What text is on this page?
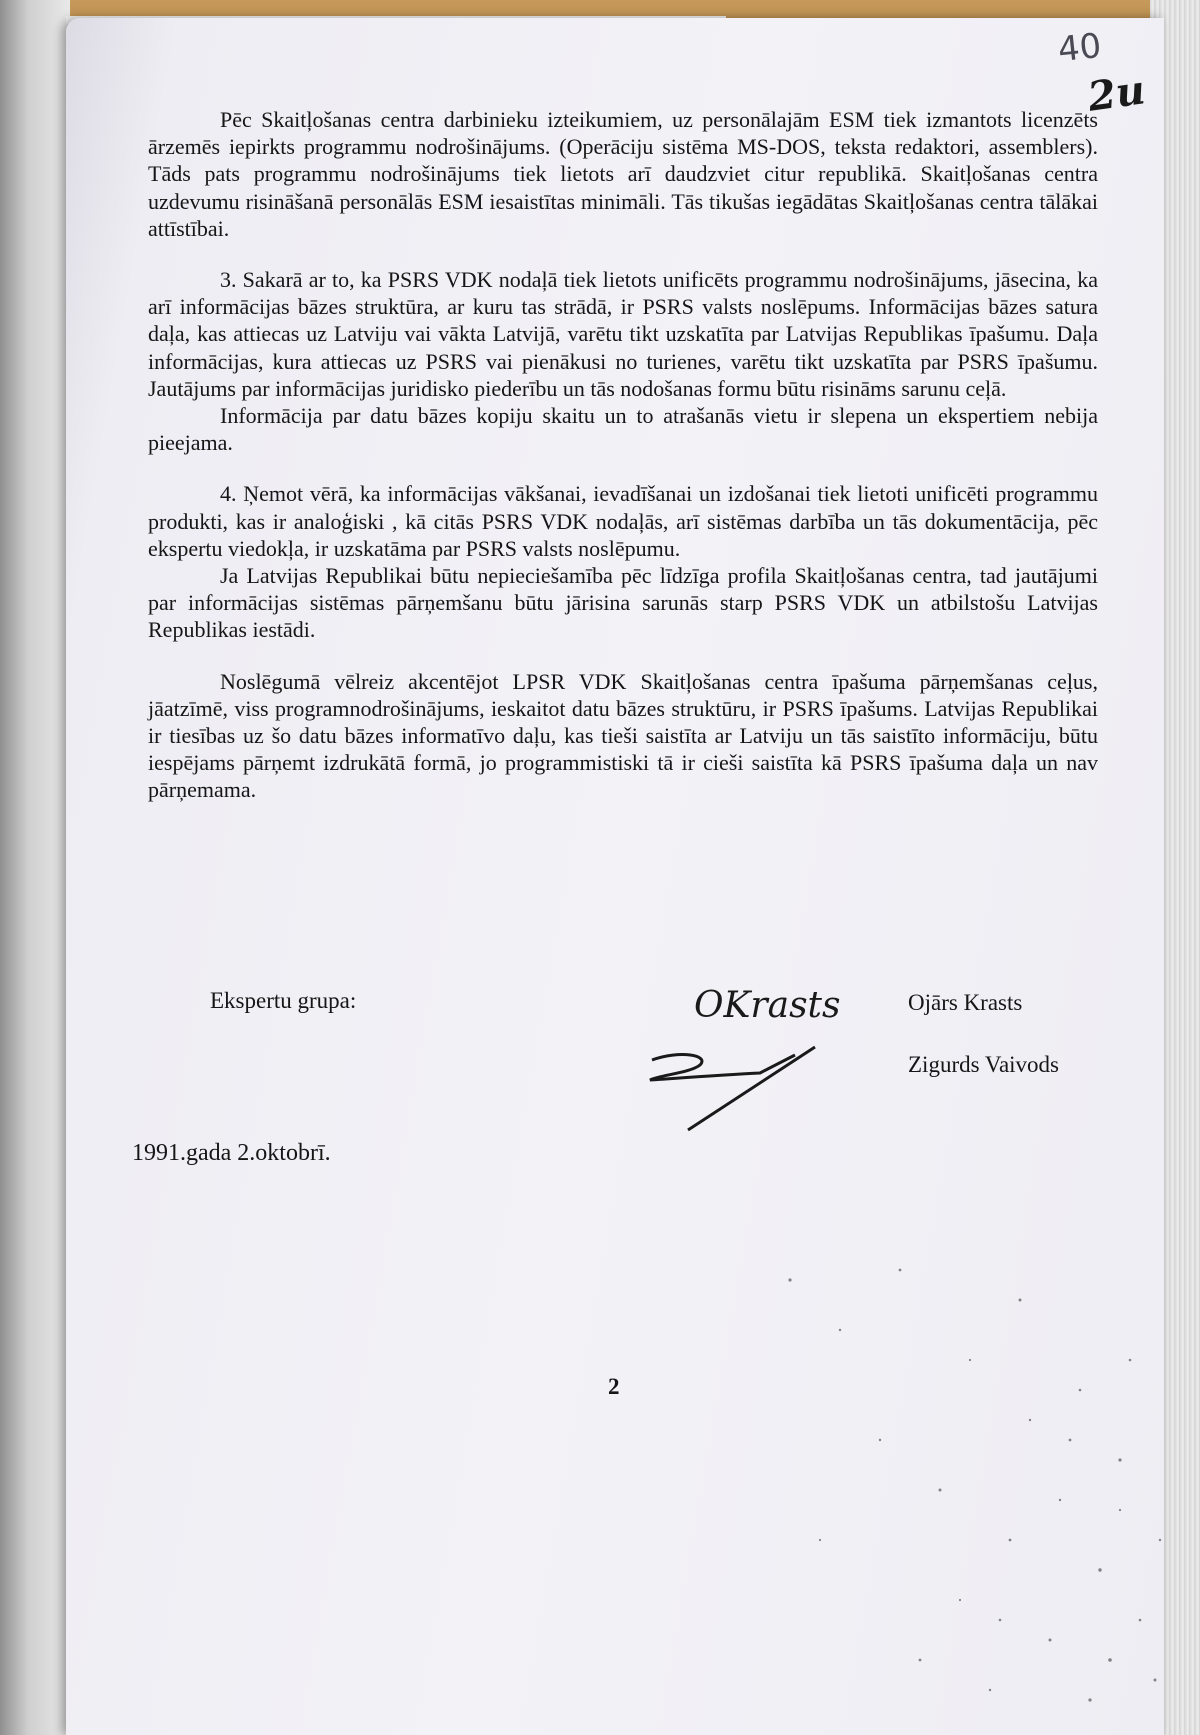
40
2u

Pēc Skaitļošanas centra darbinieku izteikumiem, uz personālajām ESM tiek izmantots licenzēts ārzemēs iepirkts programmu nodrošinājums. (Operāciju sistēma MS-DOS, teksta redaktori, assemblers). Tāds pats programmu nodrošinājums tiek lietots arī daudzviet citur republikā. Skaitļošanas centra uzdevumu risināšanā personālās ESM iesaistītas minimāli. Tās tikušas iegādātas Skaitļošanas centra tālākai attīstībai.

3. Sakarā ar to, ka PSRS VDK nodaļā tiek lietots unificēts programmu nodrošinājums, jāsecina, ka arī informācijas bāzes struktūra, ar kuru tas strādā, ir PSRS valsts noslēpums. Informācijas bāzes satura daļa, kas attiecas uz Latviju vai vākta Latvijā, varētu tikt uzskatīta par Latvijas Republikas īpašumu. Daļa informācijas, kura attiecas uz PSRS vai pienākusi no turienes, varētu tikt uzskatīta par PSRS īpašumu. Jautājums par informācijas juridisko piederību un tās nodošanas formu būtu risināms sarunu ceļā.

Informācija par datu bāzes kopiju skaitu un to atrašanās vietu ir slepena un ekspertiem nebija pieejama.

4. Ņemot vērā, ka informācijas vākšanai, ievadīšanai un izdošanai tiek lietoti unificēti programmu produkti, kas ir analoģiski , kā citās PSRS VDK nodaļās, arī sistēmas darbība un tās dokumentācija, pēc ekspertu viedokļa, ir uzskatāma par PSRS valsts noslēpumu.

Ja Latvijas Republikai būtu nepieciešamība pēc līdzīga profila Skaitļošanas centra, tad jautājumi par informācijas sistēmas pārņemšanu būtu jārisina sarunās starp PSRS VDK un atbilstošu Latvijas Republikas iestādi.

Noslēgumā vēlreiz akcentējot LPSR VDK Skaitļošanas centra īpašuma pārņemšanas ceļus, jāatzīmē, viss programnodrošinājums, ieskaitot datu bāzes struktūru, ir PSRS īpašums. Latvijas Republikai ir tiesības uz šo datu bāzes informatīvo daļu, kas tieši saistīta ar Latviju un tās saistīto informāciju, būtu iespējams pārņemt izdrukātā formā, jo programmistiski tā ir cieši saistīta kā PSRS īpašuma daļa un nav pārņemama.

Ekspertu grupa:	Ojārs Krasts
Zigurds Vaivods
OKrasts
1991.gada 2.oktobrī.
2
